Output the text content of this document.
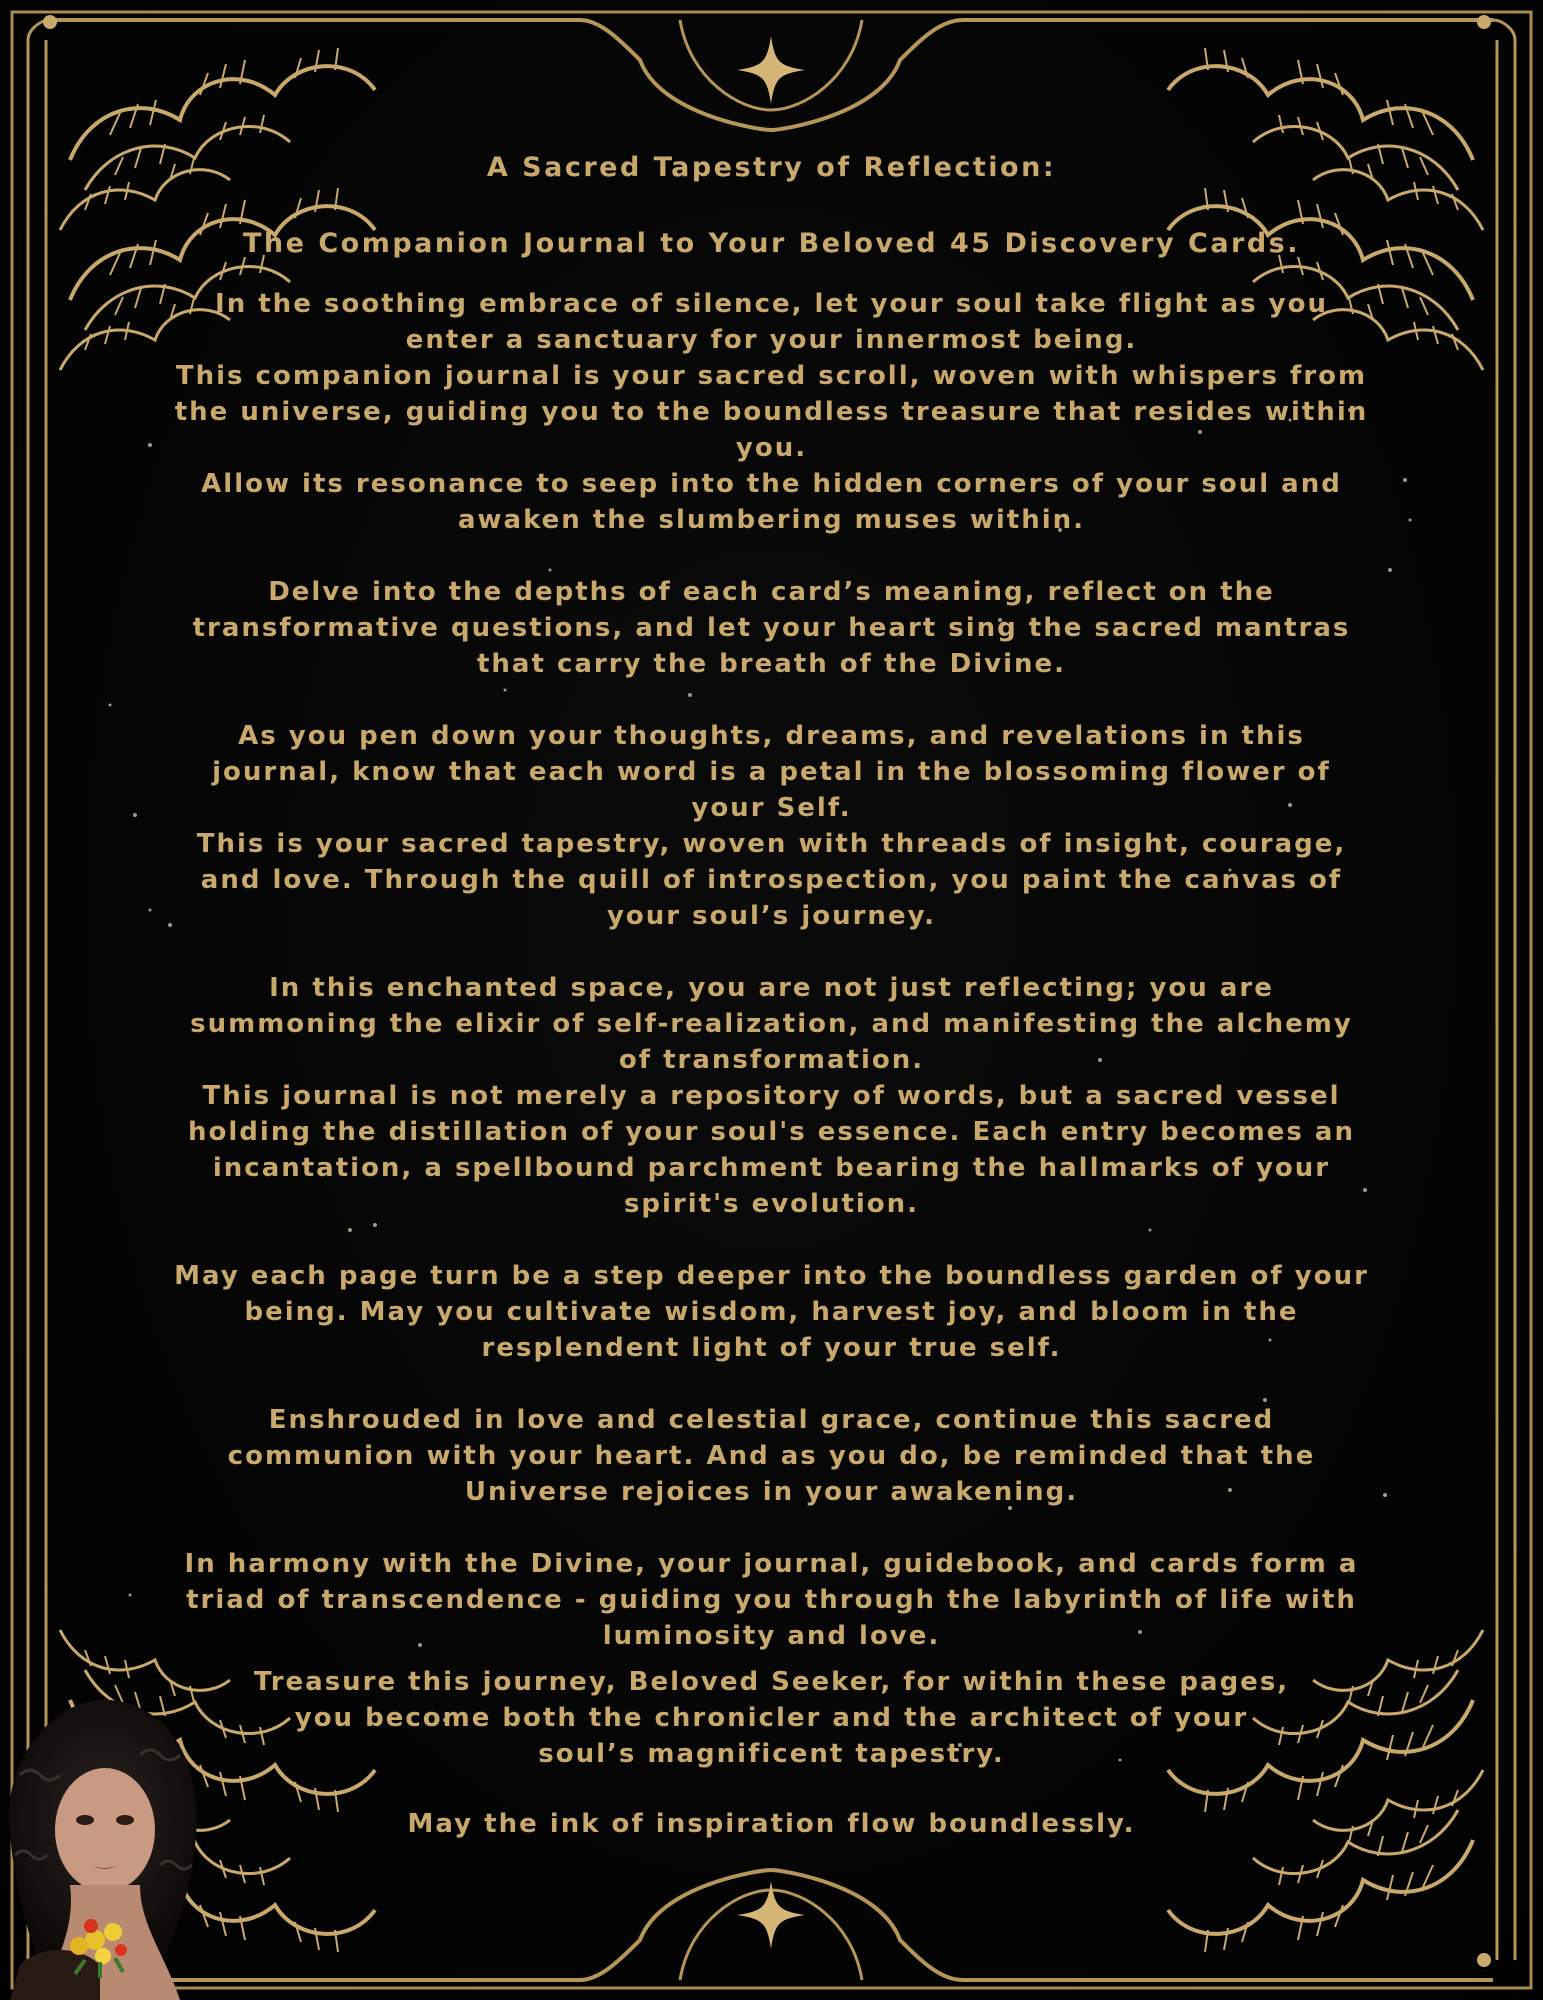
A Sacred Tapestry of Reflection:
The Companion Journal to Your Beloved 45 Discovery Cards.

In the soothing embrace of silence, let your soul take flight as you enter a sanctuary for your innermost being.

This companion journal is your sacred scroll, woven with whispers from the universe, guiding you to the boundless treasure that resides within you.

Allow its resonance to seep into the hidden corners of your soul and awaken the slumbering muses within.

Delve into the depths of each card’s meaning, reflect on the transformative questions, and let your heart sing the sacred mantras that carry the breath of the Divine.

As you pen down your thoughts, dreams, and revelations in this journal, know that each word is a petal in the blossoming flower of your Self.

This is your sacred tapestry, woven with threads of insight, courage, and love. Through the quill of introspection, you paint the canvas of your soul’s journey.

In this enchanted space, you are not just reflecting; you are summoning the elixir of self-realization, and manifesting the alchemy of transformation.

This journal is not merely a repository of words, but a sacred vessel holding the distillation of your soul's essence. Each entry becomes an incantation, a spellbound parchment bearing the hallmarks of your spirit's evolution.

May each page turn be a step deeper into the boundless garden of your being. May you cultivate wisdom, harvest joy, and bloom in the resplendent light of your true self.

Enshrouded in love and celestial grace, continue this sacred communion with your heart. And as you do, be reminded that the Universe rejoices in your awakening.

In harmony with the Divine, your journal, guidebook, and cards form a triad of transcendence - guiding you through the labyrinth of life with luminosity and love.

Treasure this journey, Beloved Seeker, for within these pages, you become both the chronicler and the architect of your soul’s magnificent tapestry.

May the ink of inspiration flow boundlessly.
